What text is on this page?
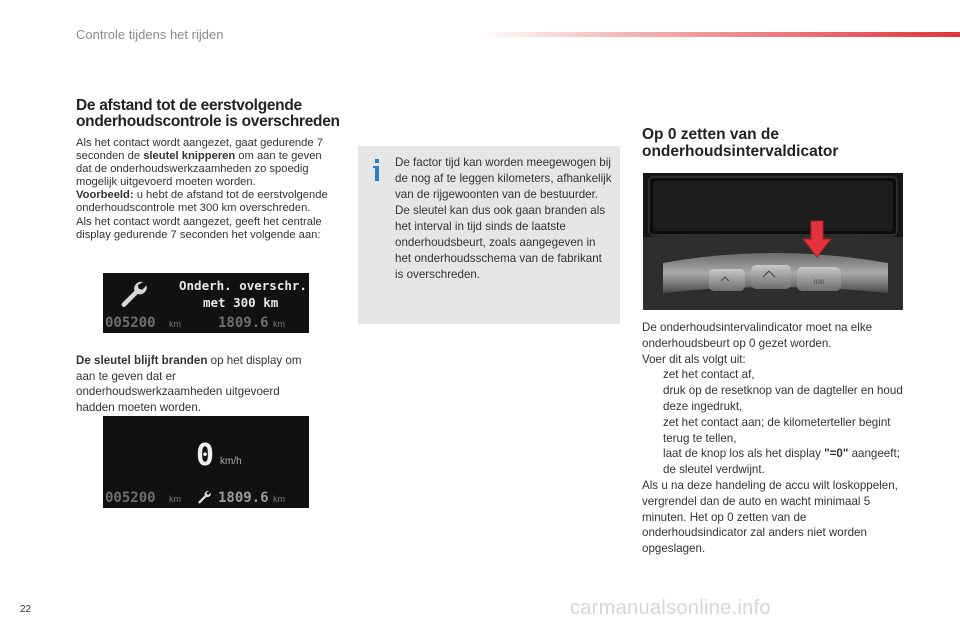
Controle tijdens het rijden
De afstand tot de eerstvolgende
onderhoudscontrole is overschreden

Als het contact wordt aangezet, gaat gedurende 7 seconden de sleutel knipperen om aan te geven dat de onderhoudswerkzaamheden zo spoedig mogelijk uitgevoerd moeten worden.

Voorbeeld: u hebt de afstand tot de eerstvolgende onderhoudscontrole met 300 km overschreden.

Als het contact wordt aangezet, geeft het centrale display gedurende 7 seconden het volgende aan:

Onderh. overschr.
met 300 km
005200 km	1809.6 km
De sleutel blijft branden op het display om aan te geven dat er onderhoudswerkzaamheden uitgevoerd hadden moeten worden.
0 km/h
005200 km	1809.6 km

De factor tijd kan worden meegewogen bij de nog af te leggen kilometers, afhankelijk van de rijgewoonten van de bestuurder.

De sleutel kan dus ook gaan branden als het interval in tijd sinds de laatste onderhoudsbeurt, zoals aangegeven in het onderhoudsschema van de fabrikant is overschreden.

Op 0 zetten van de
onderhoudsintervaldicator
000

De onderhoudsintervalindicator moet na elke onderhoudsbeurt op 0 gezet worden.

Voer dit als volgt uit:

zet het contact af,
druk op de resetknop van de dagteller en houd deze ingedrukt,
zet het contact aan; de kilometerteller begint terug te tellen,
laat de knop los als het display "=0" aangeeft; de sleutel verdwijnt.

Als u na deze handeling de accu wilt loskoppelen, vergrendel dan de auto en wacht minimaal 5 minuten. Het op 0 zetten van de onderhoudsindicator zal anders niet worden opgeslagen.

22	carmanualsonline.info
